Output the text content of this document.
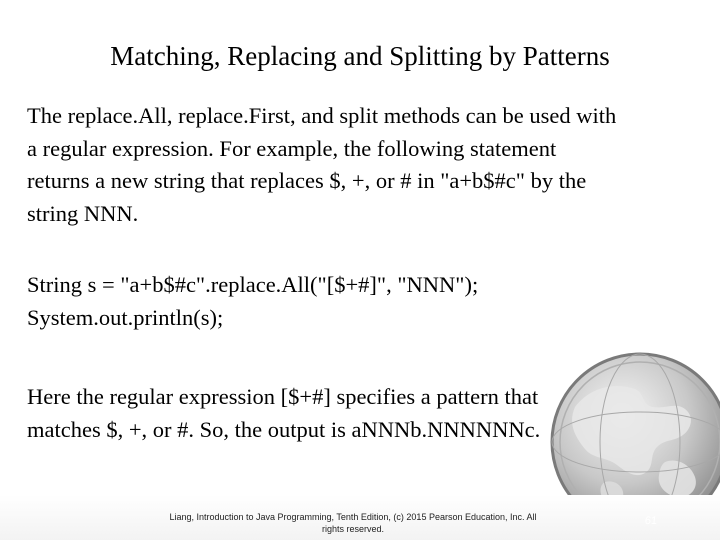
Matching, Replacing and Splitting by Patterns
The replace.All, replace.First, and split methods can be used with
a regular expression. For example, the following statement
returns a new string that replaces $, +, or # in "a+b$#c" by the
string NNN.
String s = "a+b$#c".replace.All("[$+#]", "NNN");
System.out.println(s);
Here the regular expression [$+#] specifies a pattern that
matches $, +, or #. So, the output is aNNNb.NNNNNNc.
Liang, Introduction to Java Programming, Tenth Edition, (c) 2015 Pearson Education, Inc. All
rights reserved.
61
